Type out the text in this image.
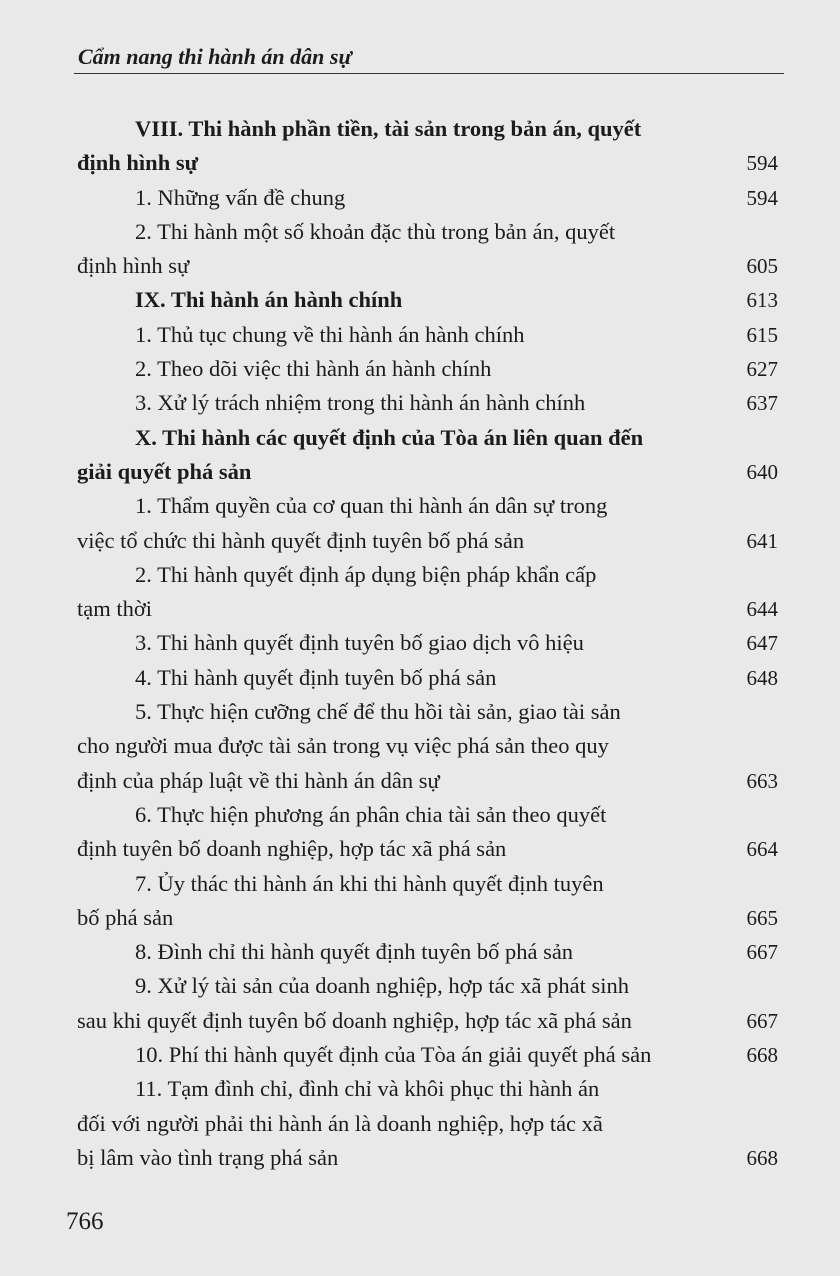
Cẩm nang thi hành án dân sự
VIII. Thi hành phần tiền, tài sản trong bản án, quyết
định hình sự	594
1. Những vấn đề chung	594
2. Thi hành một số khoản đặc thù trong bản án, quyết
định hình sự	605
IX. Thi hành án hành chính	613
1. Thủ tục chung về thi hành án hành chính	615
2. Theo dõi việc thi hành án hành chính	627
3. Xử lý trách nhiệm trong thi hành án hành chính	637
X. Thi hành các quyết định của Tòa án liên quan đến
giải quyết phá sản	640
1. Thẩm quyền của cơ quan thi hành án dân sự trong
việc tổ chức thi hành quyết định tuyên bố phá sản	641
2. Thi hành quyết định áp dụng biện pháp khẩn cấp
tạm thời	644
3. Thi hành quyết định tuyên bố giao dịch vô hiệu	647
4. Thi hành quyết định tuyên bố phá sản	648
5. Thực hiện cưỡng chế để thu hồi tài sản, giao tài sản
cho người mua được tài sản trong vụ việc phá sản theo quy
định của pháp luật về thi hành án dân sự	663
6. Thực hiện phương án phân chia tài sản theo quyết
định tuyên bố doanh nghiệp, hợp tác xã phá sản	664
7. Ủy thác thi hành án khi thi hành quyết định tuyên
bố phá sản	665
8. Đình chỉ thi hành quyết định tuyên bố phá sản	667
9. Xử lý tài sản của doanh nghiệp, hợp tác xã phát sinh
sau khi quyết định tuyên bố doanh nghiệp, hợp tác xã phá sản	667
10. Phí thi hành quyết định của Tòa án giải quyết phá sản	668
11. Tạm đình chỉ, đình chỉ và khôi phục thi hành án
đối với người phải thi hành án là doanh nghiệp, hợp tác xã
bị lâm vào tình trạng phá sản	668
766
